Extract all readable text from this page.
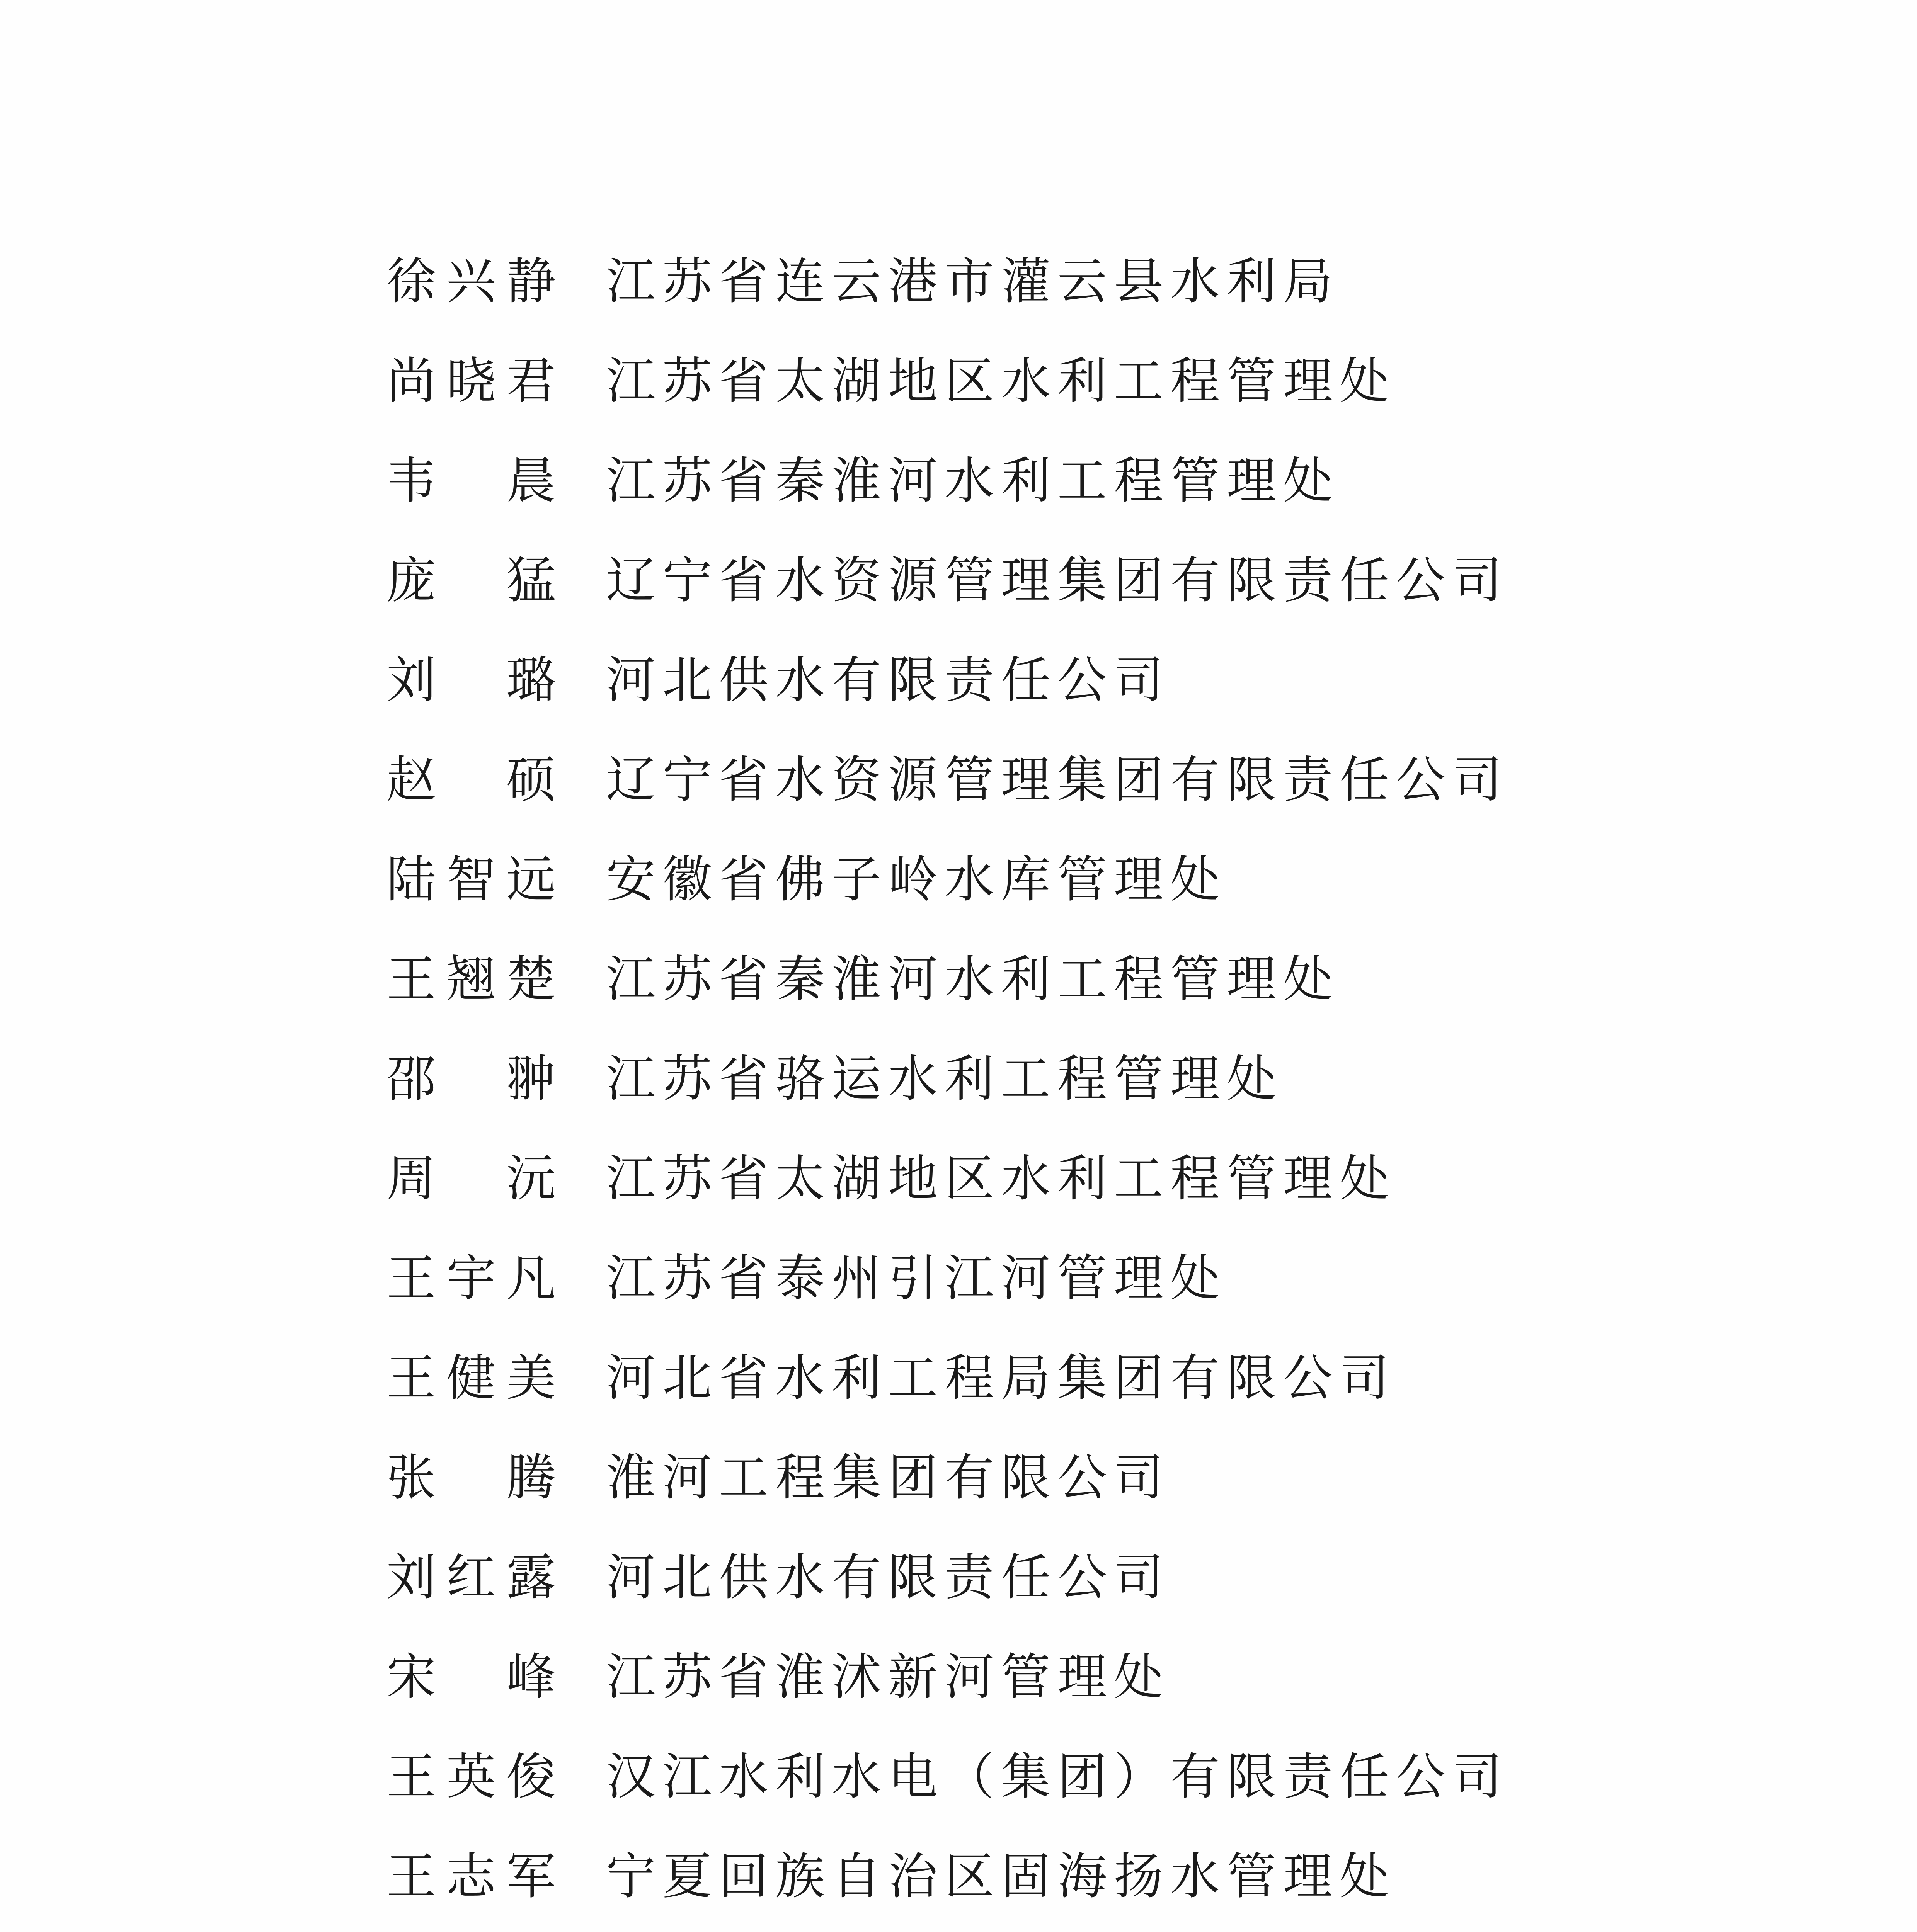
徐 兴 静 江苏省连云港市灌云县水利局
尚 晓 君 江苏省太湖地区水利工程管理处
韦 晨 江苏省秦淮河水利工程管理处
庞 猛 辽宁省水资源管理集团有限责任公司
刘 璐 河北供水有限责任公司
赵 硕 辽宁省水资源管理集团有限责任公司
陆 智 远 安徽省佛子岭水库管理处
王 翘 楚 江苏省秦淮河水利工程管理处
邵 翀 江苏省骆运水利工程管理处
周 沅 江苏省太湖地区水利工程管理处
王 宇 凡 江苏省泰州引江河管理处
王 健 美 河北省水利工程局集团有限公司
张 腾 淮河工程集团有限公司
刘 红 露 河北供水有限责任公司
宋 峰 江苏省淮沭新河管理处
王 英 俊 汉江水利水电（集团）有限责任公司
王 志 军 宁夏回族自治区固海扬水管理处
